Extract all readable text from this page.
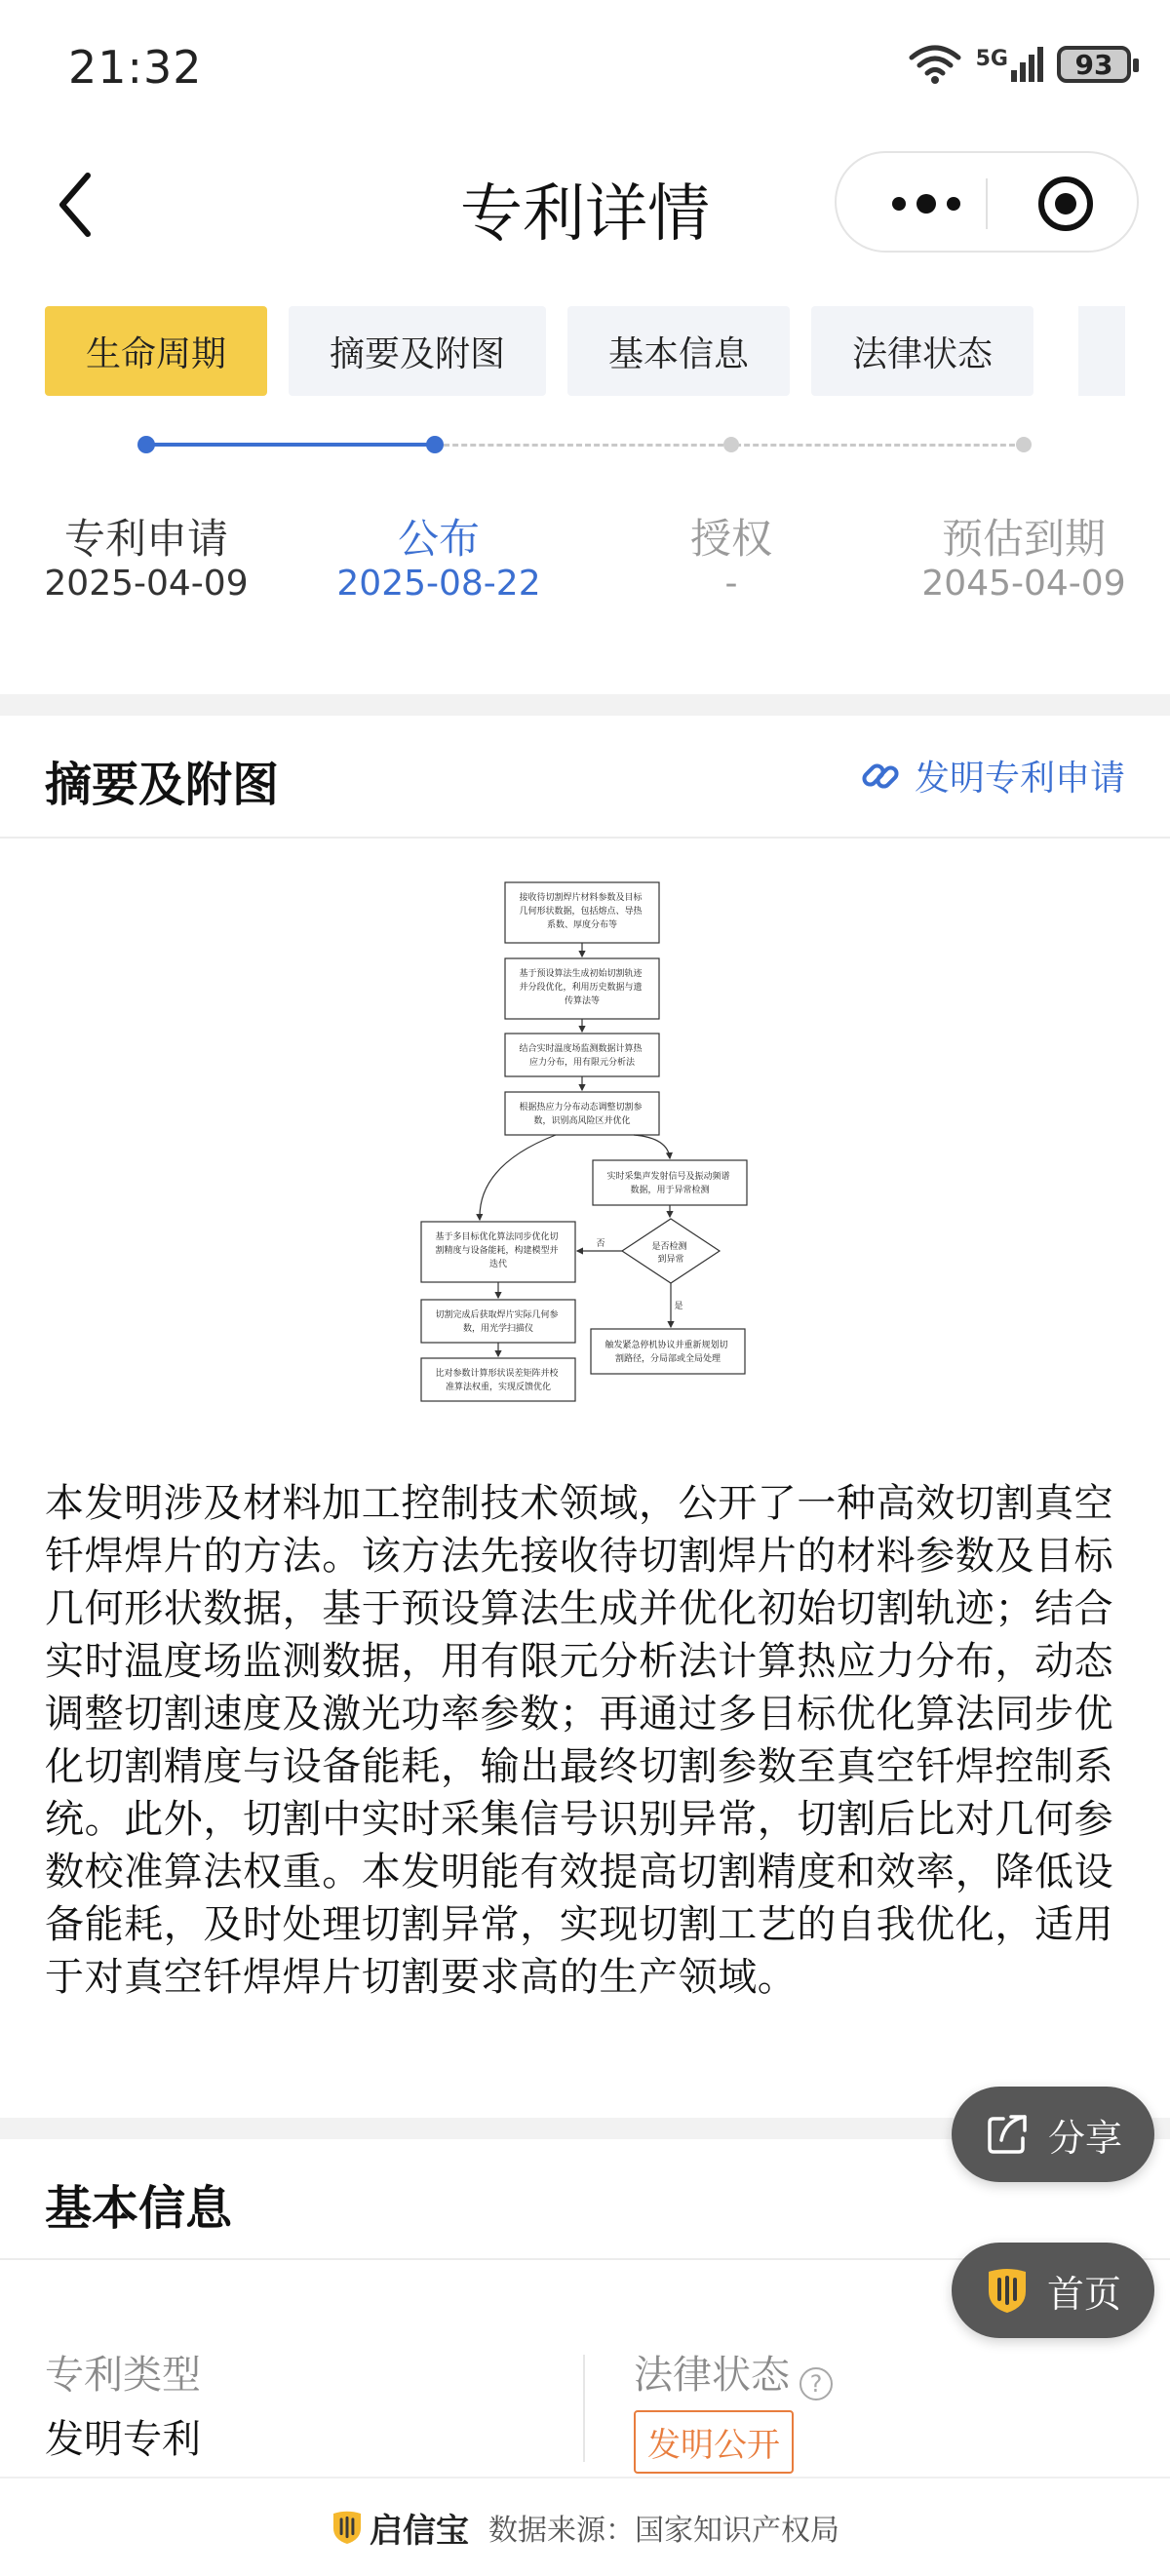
21:32	5G	93
专利详情
生命周期	摘要及附图	基本信息	法律状态
专利申请
2025-04-09
公布
2025-08-22
授权
-
预估到期
2045-04-09
摘要及附图	发明专利申请
接收待切割焊片材料参数及目标 几何形状数据，包括熔点、导热 系数、厚度分布等
基于预设算法生成初始切割轨迹 并分段优化，利用历史数据与遗 传算法等
结合实时温度场监测数据计算热 应力分布，用有限元分析法
根据热应力分布动态调整切割参 数，识别高风险区并优化
实时采集声发射信号及振动频谱 数据，用于异常检测
是否检测 到异常
基于多目标优化算法同步优化切 割精度与设备能耗，构建模型并 迭代
切割完成后获取焊片实际几何参 数，用光学扫描仪
比对参数计算形状误差矩阵并校 准算法权重，实现反馈优化
触发紧急停机协议并重新规划切 割路径，分局部或全局处理
否
是
本发明涉及材料加工控制技术领域，公开了一种高效切割真空钎焊焊片的方法。该方法先接收待切割焊片的材料参数及目标几何形状数据，基于预设算法生成并优化初始切割轨迹；结合实时温度场监测数据，用有限元分析法计算热应力分布，动态调整切割速度及激光功率参数；再通过多目标优化算法同步优化切割精度与设备能耗，输出最终切割参数至真空钎焊控制系统。此外，切割中实时采集信号识别异常，切割后比对几何参数校准算法权重。本发明能有效提高切割精度和效率，降低设备能耗，及时处理切割异常，实现切割工艺的自我优化，适用于对真空钎焊焊片切割要求高的生产领域。
基本信息
专利类型
发明专利
法律状态 ?
发明公开
分享
首页
启信宝 数据来源：国家知识产权局
